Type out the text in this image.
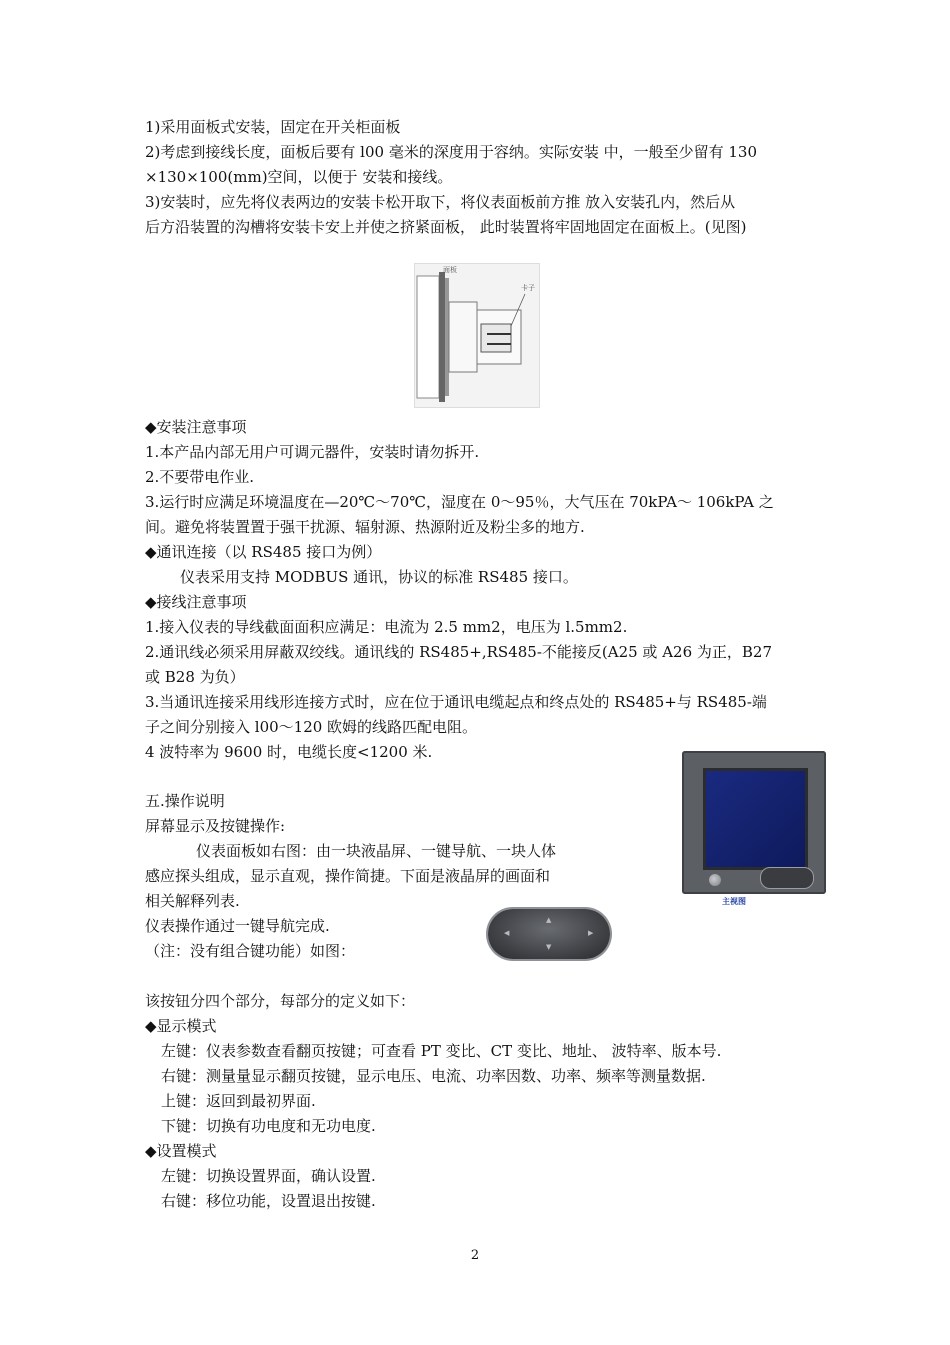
1)采用面板式安装，固定在开关柜面板
2)考虑到接线长度，面板后要有 l00 毫米的深度用于容纳。实际安装 中，一般至少留有 130
×130×100(mm)空间，以便于 安装和接线。
3)安装时，应先将仪表两边的安装卡松开取下，将仪表面板前方推 放入安装孔内，然后从
后方沿装置的沟槽将安装卡安上并使之挤紧面板， 此时装置将牢固地固定在面板上。(见图)
面板
卡子
◆安装注意事项
1.本产品内部无用户可调元器件，安装时请勿拆开.
2.不要带电作业.
3.运行时应满足环境温度在—20℃～70℃，湿度在 0～95％，大气压在 70kPA～ 106kPA 之
间。避免将装置置于强干扰源、辐射源、热源附近及粉尘多的地方.
◆通讯连接（以 RS485 接口为例）
仪表采用支持 MODBUS 通讯，协议的标准 RS485 接口。
◆接线注意事项
1.接入仪表的导线截面面积应满足：电流为 2.5 mm2，电压为 l.5mm2.
2.通讯线必须采用屏蔽双绞线。通讯线的 RS485+,RS485-不能接反(A25 或 A26 为正，B27
或 B28 为负）
3.当通讯连接采用线形连接方式时，应在位于通讯电缆起点和终点处的 RS485+与 RS485-端
子之间分别接入 l00～120 欧姆的线路匹配电阻。
4 波特率为 9600 时，电缆长度<1200 米.
主视图
五.操作说明
屏幕显示及按键操作:
仪表面板如右图：由一块液晶屏、一键导航、一块人体
感应探头组成，显示直观，操作简捷。下面是液晶屏的画面和
相关解释列表.
仪表操作通过一键导航完成.
（注：没有组合键功能）如图：
▲
▼
◀	▶
该按钮分四个部分，每部分的定义如下：
◆显示模式
左键：仪表参数查看翻页按键；可查看 PT 变比、CT 变比、地址、 波特率、版本号.
右键：测量量显示翻页按键，显示电压、电流、功率因数、功率、频率等测量数据.
上键：返回到最初界面.
下键：切换有功电度和无功电度.
◆设置模式
左键：切换设置界面，确认设置.
右键：移位功能，设置退出按键.
2
